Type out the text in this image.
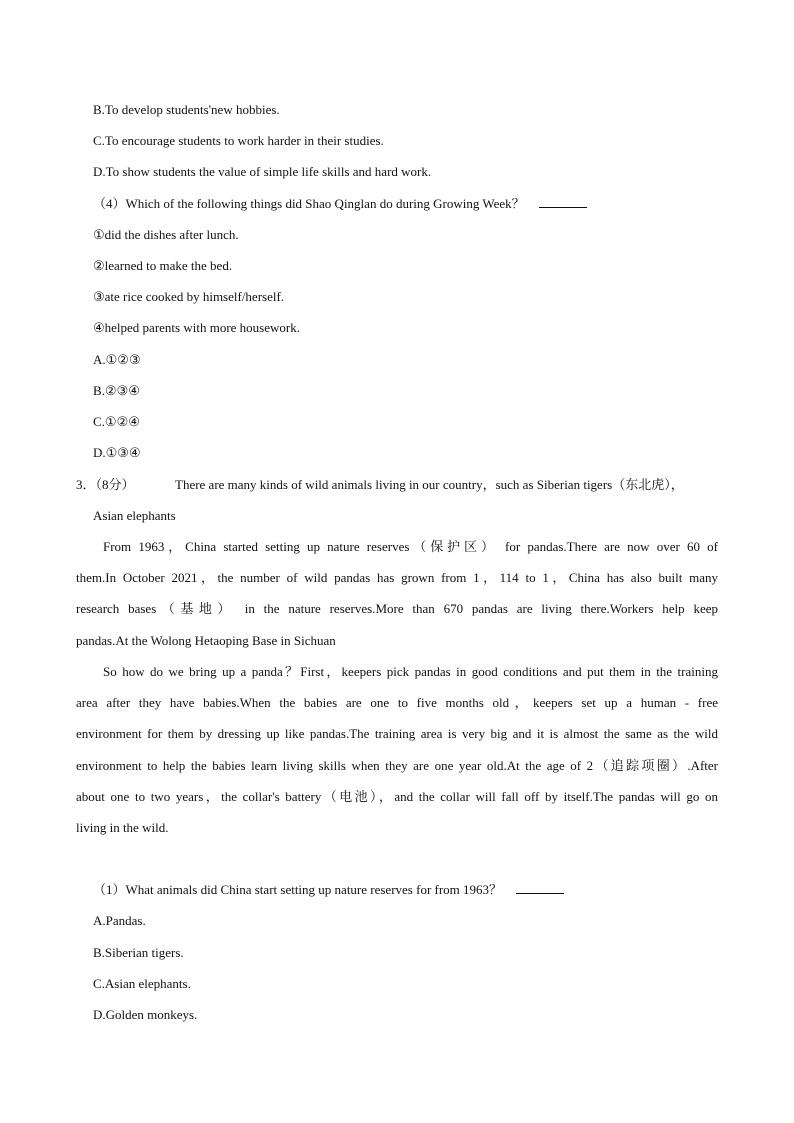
B.To develop students'new hobbies.
C.To encourage students to work harder in their studies.
D.To show students the value of simple life skills and hard work.
（4）Which of the following things did Shao Qinglan do during Growing Week？
①did the dishes after lunch.
②learned to make the bed.
③ate rice cooked by himself/herself.
④helped parents with more housework.
A.①②③
B.②③④
C.①②④
D.①③④
3．（8分）	There are many kinds of wild animals living in our country，such as Siberian tigers（东北虎），
Asian elephants
From 1963，China started setting up nature reserves（保护区） for pandas.There are now over 60 of
them.In October 2021，the number of wild pandas has grown from 1，114 to 1，China has also built many
research bases（基地） in the nature reserves.More than 670 pandas are living there.Workers help keep
pandas.At the Wolong Hetaoping Base in Sichuan
So how do we bring up a panda？First，keepers pick pandas in good conditions and put them in the training
area after they have babies.When the babies are one to five months old，keepers set up a human - free
environment for them by dressing up like pandas.The training area is very big and it is almost the same as the wild
environment to help the babies learn living skills when they are one year old.At the age of 2（追踪项圈）.After
about one to two years，the collar's battery（电池），and the collar will fall off by itself.The pandas will go on
living in the wild.
（1）What animals did China start setting up nature reserves for from 1963？
A.Pandas.
B.Siberian tigers.
C.Asian elephants.
D.Golden monkeys.
